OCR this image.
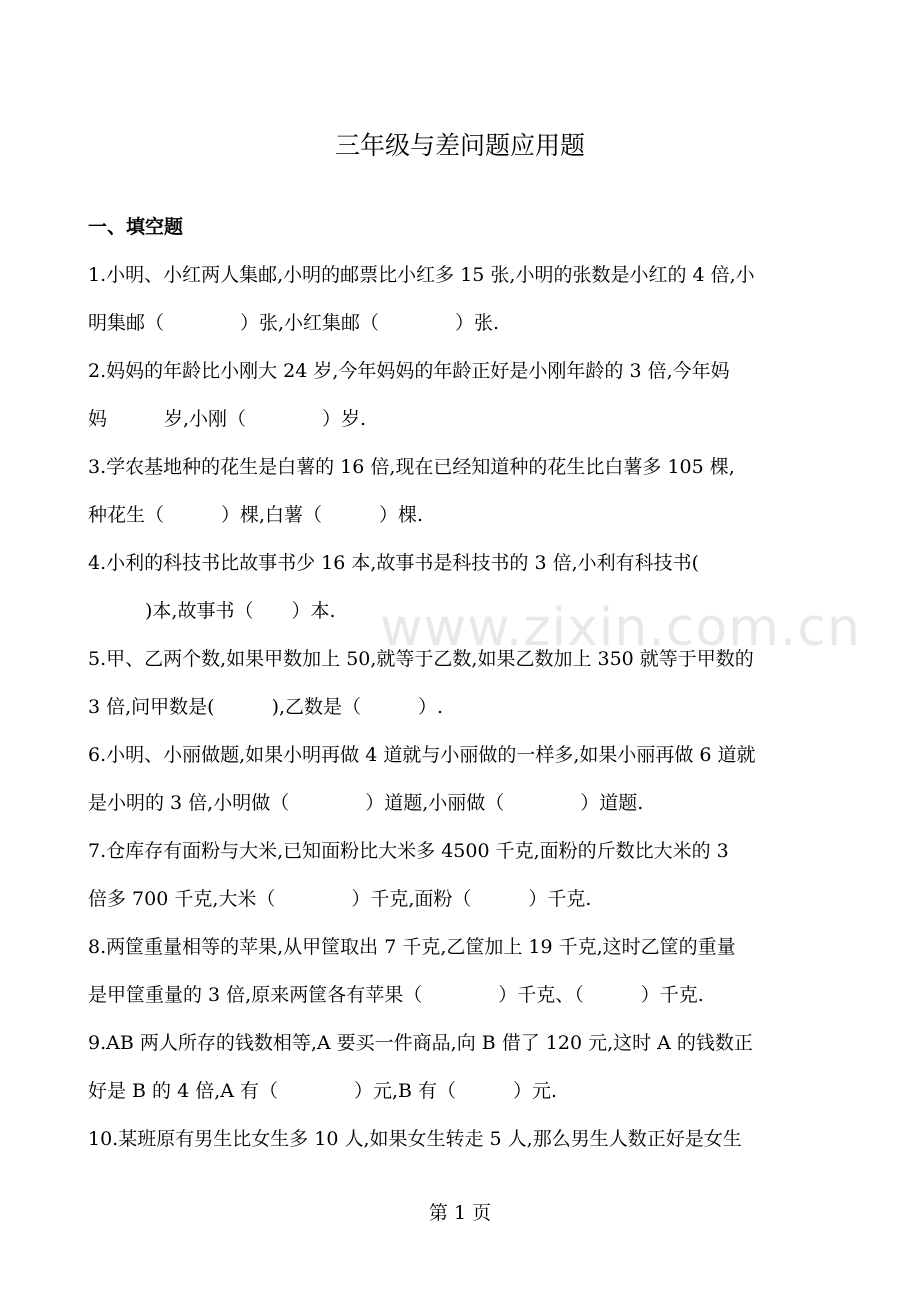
三年级与差问题应用题
一、填空题
1.小明、小红两人集邮,小明的邮票比小红多 15 张,小明的张数是小红的 4 倍,小
明集邮（　　　　）张,小红集邮（　　　　）张.
2.妈妈的年龄比小刚大 24 岁,今年妈妈的年龄正好是小刚年龄的 3 倍,今年妈
妈　　　岁,小刚（　　　　）岁.
3.学农基地种的花生是白薯的 16 倍,现在已经知道种的花生比白薯多 105 棵,
种花生（　　　）棵,白薯（　　　）棵.
4.小利的科技书比故事书少 16 本,故事书是科技书的 3 倍,小利有科技书(
　　　)本,故事书（　　）本.
5.甲、乙两个数,如果甲数加上 50,就等于乙数,如果乙数加上 350 就等于甲数的
3 倍,问甲数是(　　　),乙数是（　　　）.
6.小明、小丽做题,如果小明再做 4 道就与小丽做的一样多,如果小丽再做 6 道就
是小明的 3 倍,小明做（　　　　）道题,小丽做（　　　　）道题.
7.仓库存有面粉与大米,已知面粉比大米多 4500 千克,面粉的斤数比大米的 3
倍多 700 千克,大米（　　　　）千克,面粉（　　　）千克.
8.两筐重量相等的苹果,从甲筐取出 7 千克,乙筐加上 19 千克,这时乙筐的重量
是甲筐重量的 3 倍,原来两筐各有苹果（　　　　）千克、（　　　）千克.
9.AB 两人所存的钱数相等,A 要买一件商品,向 B 借了 120 元,这时 A 的钱数正
好是 B 的 4 倍,A 有（　　　　）元,B 有（　　　）元.
10.某班原有男生比女生多 10 人,如果女生转走 5 人,那么男生人数正好是女生
www.zixin.com.cn
第 1 页
